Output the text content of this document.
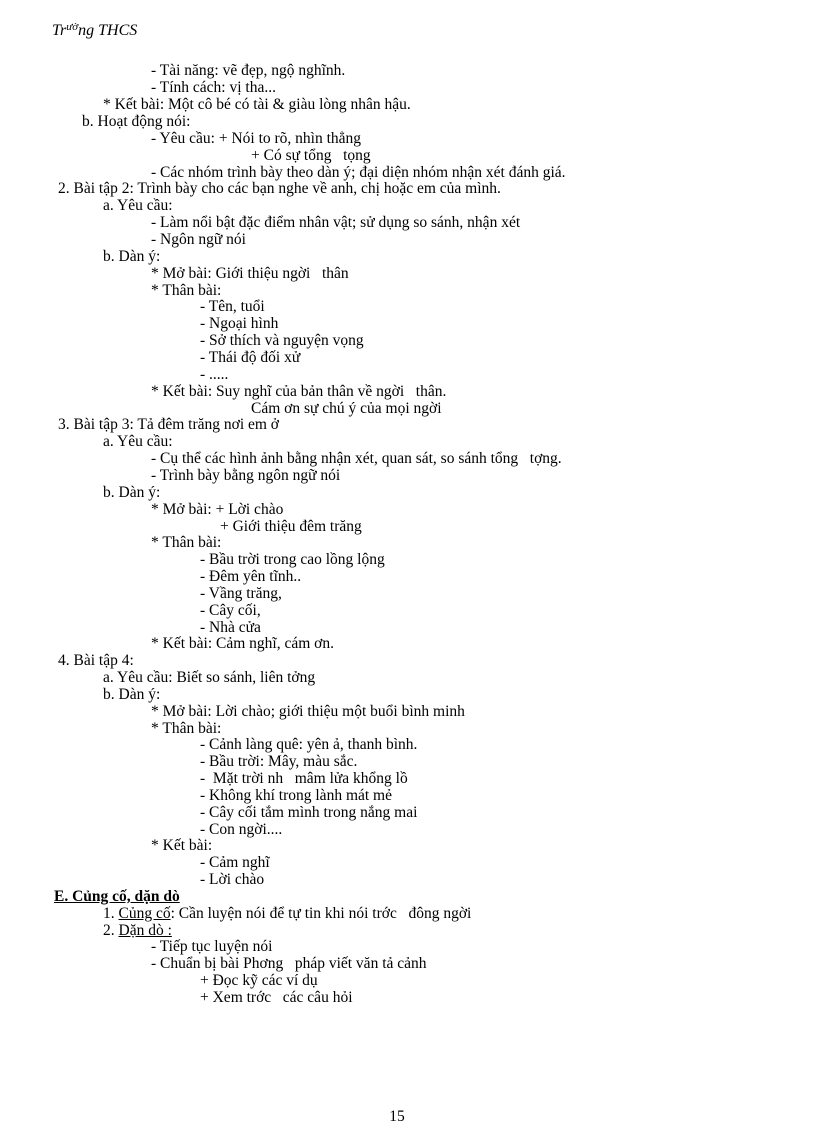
$Tr^{ườ}ng$ THCS
- Tài năng: vẽ đẹp, ngộ nghĩnh.
- Tính cách: vị tha...
* Kết bài: Một cô bé có tài & giàu lòng nhân hậu.
b. Hoạt động nói:
- Yêu cầu: + Nói to rõ, nhìn thẳng
+ Có sự tổng   tọng
- Các nhóm trình bày theo dàn ý; đại diện nhóm nhận xét đánh giá.
2. Bài tập 2: Trình bày cho các bạn nghe về anh, chị hoặc em của mình.
a. Yêu cầu:
- Làm nổi bật đặc điểm nhân vật; sử dụng so sánh, nhận xét
- Ngôn ngữ nói
b. Dàn ý:
* Mở bài: Giới thiệu ngời   thân
* Thân bài:
- Tên, tuổi
- Ngoại hình
- Sở thích và nguyện vọng
- Thái độ đối xử
- .....
* Kết bài: Suy nghĩ của bản thân về ngời   thân.
Cám ơn sự chú ý của mọi ngời
3. Bài tập 3: Tả đêm trăng nơi em ở
a. Yêu cầu:
- Cụ thể các hình ảnh bằng nhận xét, quan sát, so sánh tổng   tợng.
- Trình bày bằng ngôn ngữ nói
b. Dàn ý:
* Mở bài: + Lời chào
+ Giới thiệu đêm trăng
* Thân bài:
- Bầu trời trong cao lồng lộng
- Đêm yên tĩnh..
- Vầng trăng,
- Cây cối,
- Nhà cửa
* Kết bài: Cảm nghĩ, cám ơn.
4. Bài tập 4:
a. Yêu cầu: Biết so sánh, liên tởng
b. Dàn ý:
* Mở bài: Lời chào; giới thiệu một buổi bình minh
* Thân bài:
- Cảnh làng quê: yên ả, thanh bình.
- Bầu trời: Mây, màu sắc.
-  Mặt trời nh   mâm lửa khổng lồ
- Không khí trong lành mát mẻ
- Cây cối tắm mình trong nắng mai
- Con ngời....
* Kết bài:
- Cảm nghĩ
- Lời chào
E. Củng cố, dặn dò
1. Củng cố: Cần luyện nói để tự tin khi nói trớc   đông ngời
2. Dặn dò :
- Tiếp tục luyện nói
- Chuẩn bị bài Phơng   pháp viết văn tả cảnh
+ Đọc kỹ các ví dụ
+ Xem trớc   các câu hỏi
15
